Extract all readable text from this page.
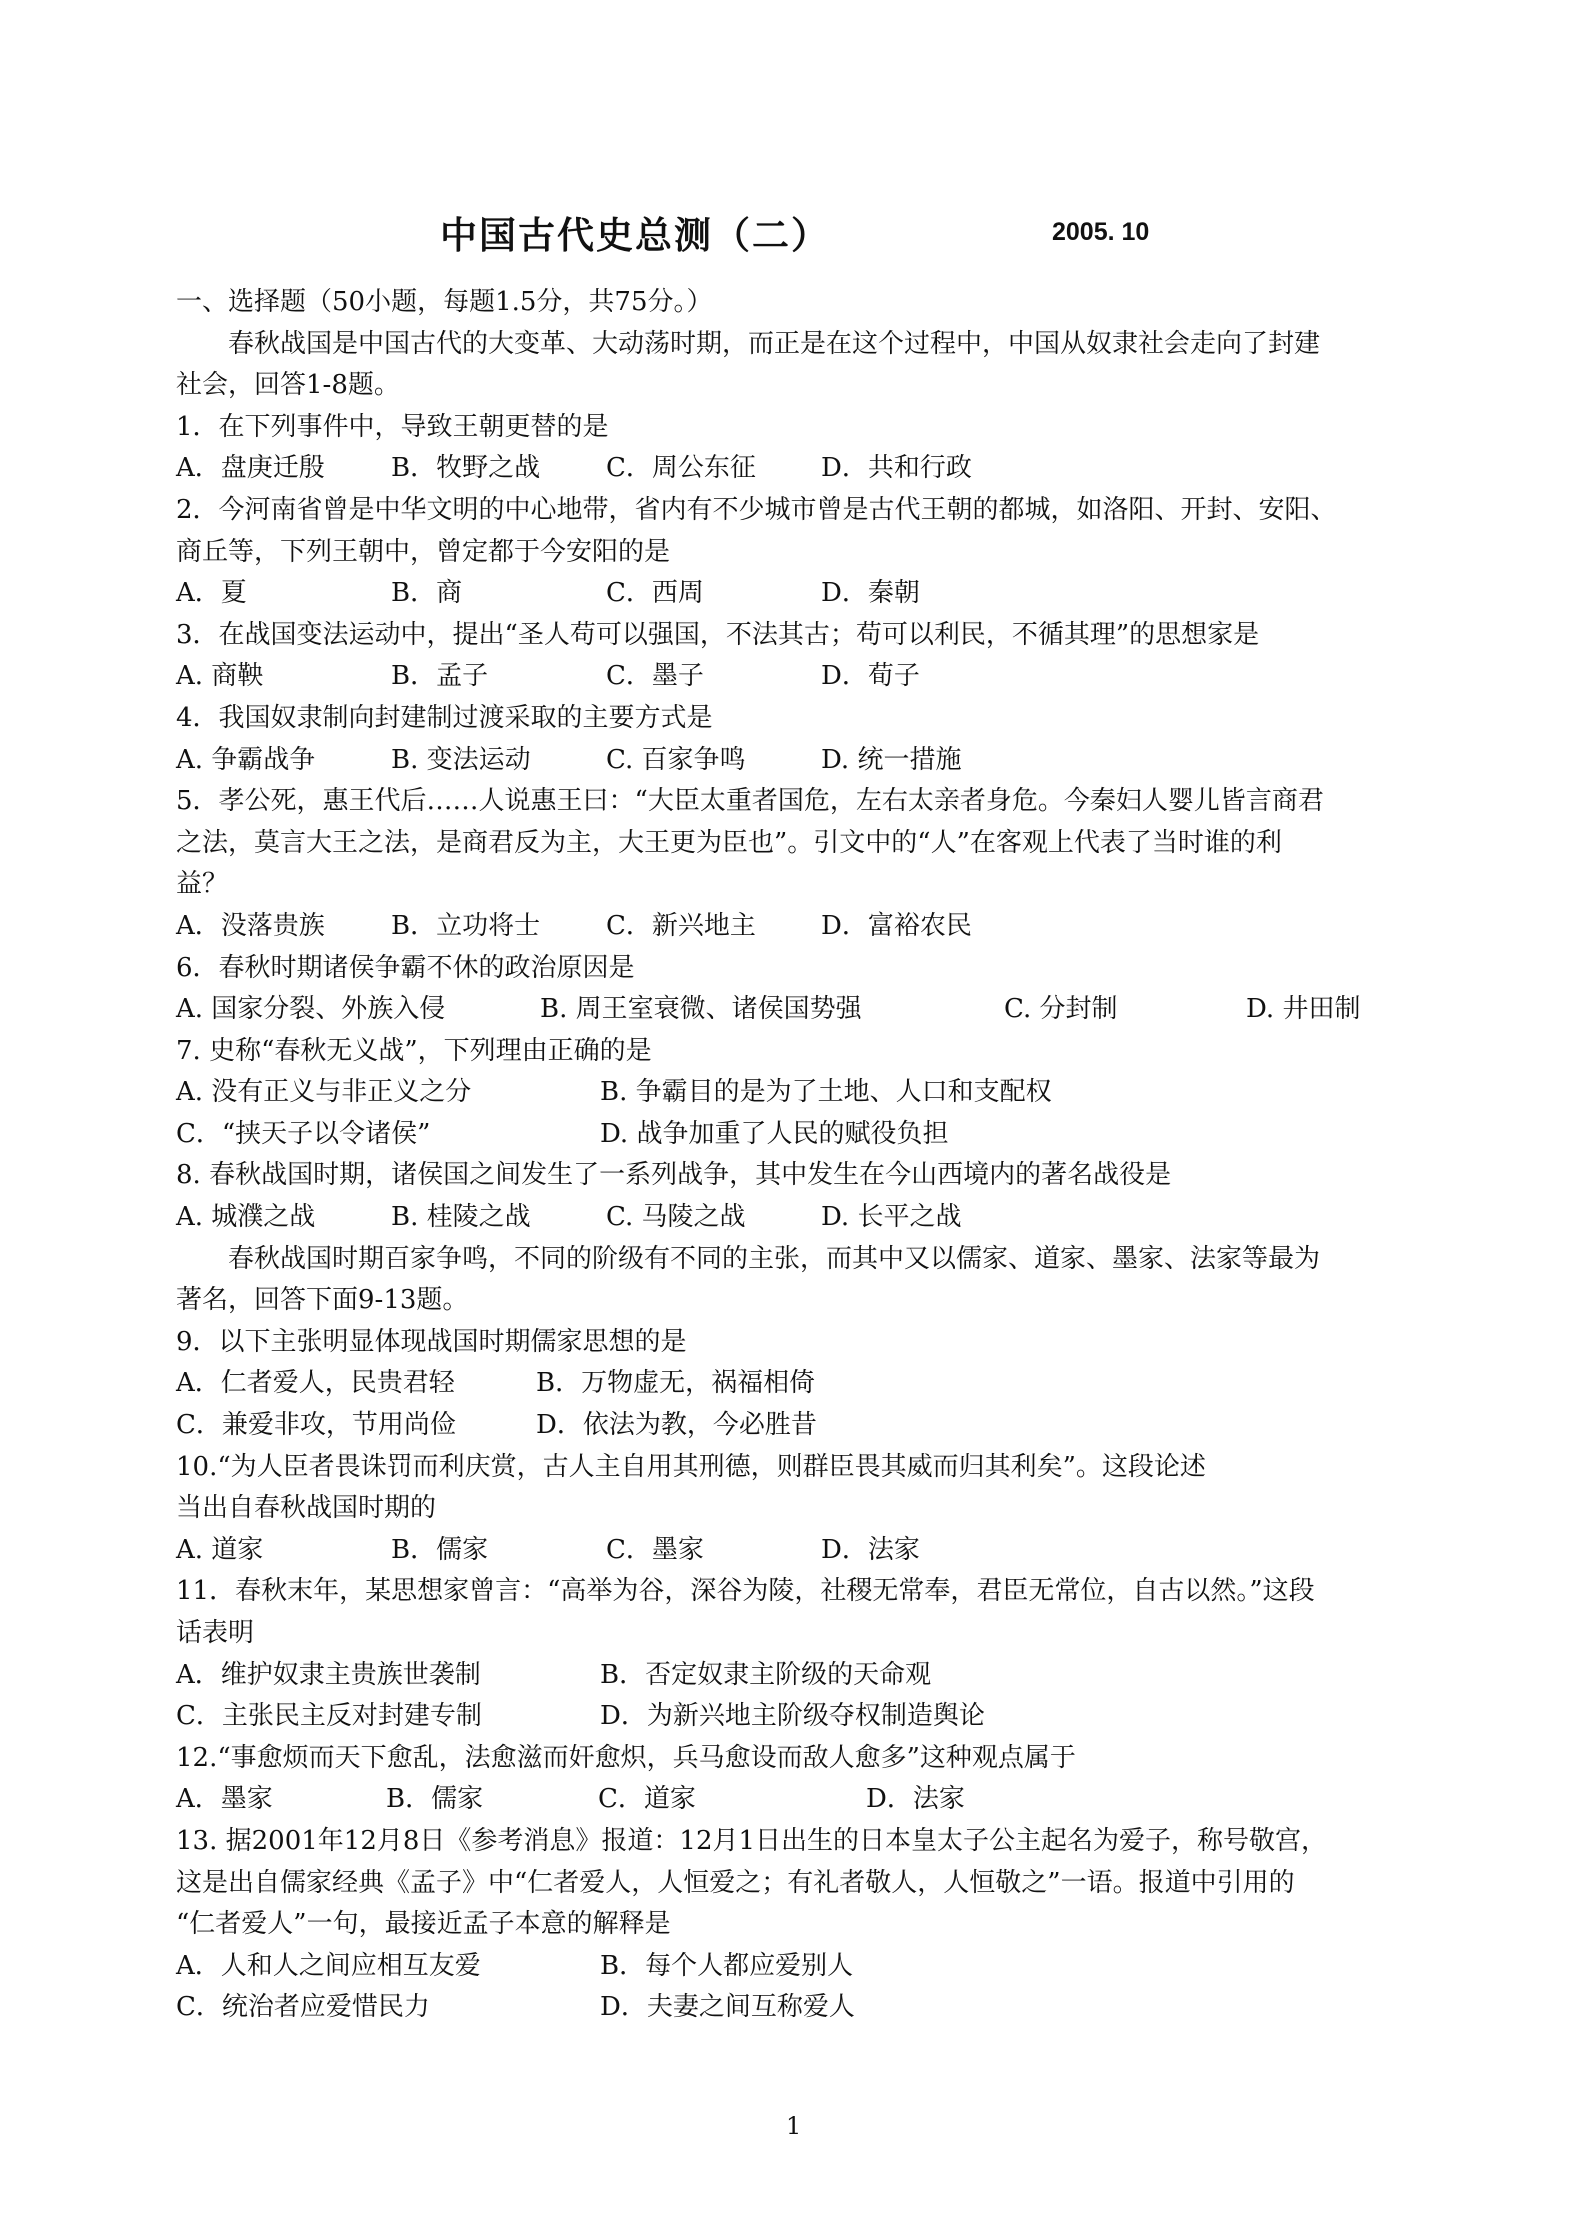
中国古代史总测（二）	2005. 10
一、选择题（50小题，每题1.5分，共75分。）
春秋战国是中国古代的大变革、大动荡时期，而正是在这个过程中，中国从奴隶社会走向了封建
社会，回答1-8题。
1．在下列事件中，导致王朝更替的是
A．盘庚迁殷	B．牧野之战	C．周公东征	D．共和行政
2．今河南省曾是中华文明的中心地带，省内有不少城市曾是古代王朝的都城，如洛阳、开封、安阳、
商丘等，下列王朝中，曾定都于今安阳的是
A．夏	B．商	C．西周	D．秦朝
3．在战国变法运动中，提出“圣人苟可以强国，不法其古；苟可以利民，不循其理”的思想家是
A. 商鞅	B．孟子	C．墨子	D．荀子
4．我国奴隶制向封建制过渡采取的主要方式是
A. 争霸战争	B. 变法运动	C. 百家争鸣	D. 统一措施
5．孝公死，惠王代后……人说惠王曰：“大臣太重者国危，左右太亲者身危。今秦妇人婴儿皆言商君
之法，莫言大王之法，是商君反为主，大王更为臣也”。引文中的“人”在客观上代表了当时谁的利
益？
A．没落贵族	B．立功将士	C．新兴地主	D．富裕农民
6．春秋时期诸侯争霸不休的政治原因是
A. 国家分裂、外族入侵	B. 周王室衰微、诸侯国势强	C. 分封制	D. 井田制
7. 史称“春秋无义战”，下列理由正确的是
A. 没有正义与非正义之分	B. 争霸目的是为了土地、人口和支配权
C．“挟天子以令诸侯”	D. 战争加重了人民的赋役负担
8. 春秋战国时期，诸侯国之间发生了一系列战争，其中发生在今山西境内的著名战役是
A. 城濮之战	B. 桂陵之战	C. 马陵之战	D. 长平之战
春秋战国时期百家争鸣，不同的阶级有不同的主张，而其中又以儒家、道家、墨家、法家等最为
著名，回答下面9-13题。
9．以下主张明显体现战国时期儒家思想的是
A．仁者爱人，民贵君轻	B．万物虚无，祸福相倚
C．兼爱非攻，节用尚俭	D．依法为教，今必胜昔
10.“为人臣者畏诛罚而利庆赏，古人主自用其刑德，则群臣畏其威而归其利矣”。这段论述
当出自春秋战国时期的
A. 道家	B．儒家	C．墨家	D．法家
11．春秋末年，某思想家曾言：“高举为谷，深谷为陵，社稷无常奉，君臣无常位，自古以然。”这段
话表明
A．维护奴隶主贵族世袭制	B．否定奴隶主阶级的天命观
C．主张民主反对封建专制	D．为新兴地主阶级夺权制造舆论
12.“事愈烦而天下愈乱，法愈滋而奸愈炽，兵马愈设而敌人愈多”这种观点属于
A．墨家	B．儒家	C．道家	D．法家
13. 据2001年12月8日《参考消息》报道：12月1日出生的日本皇太子公主起名为爱子，称号敬宫，
这是出自儒家经典《孟子》中“仁者爱人，人恒爱之；有礼者敬人，人恒敬之”一语。报道中引用的
“仁者爱人”一句，最接近孟子本意的解释是
A．人和人之间应相互友爱	B．每个人都应爱别人
C．统治者应爱惜民力	D．夫妻之间互称爱人
1
